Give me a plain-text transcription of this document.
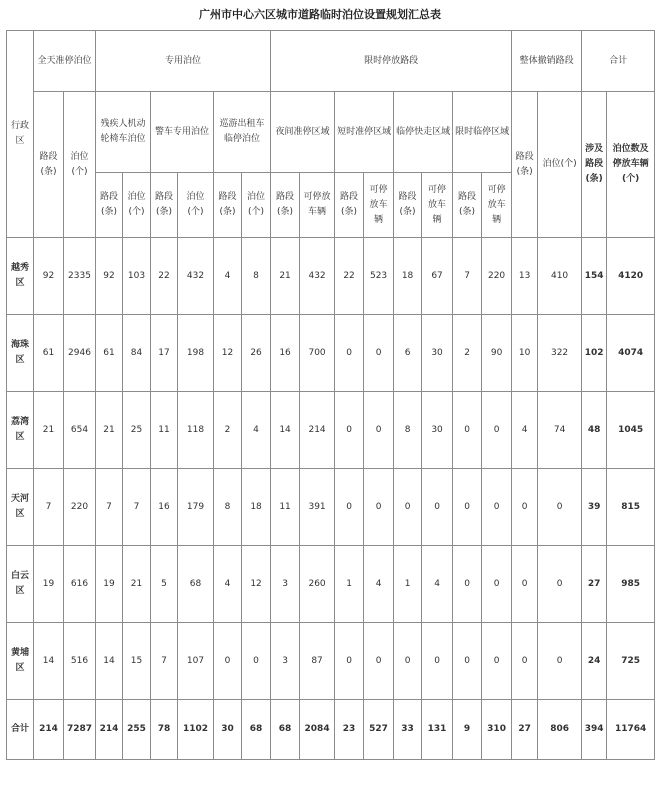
广州市中心六区城市道路临时泊位设置规划汇总表
行政区	全天准停泊位		专用泊位						限时停放路段								整体撤销路段		合计	
	路段(条)	泊位(个)	残疾人机动轮椅车泊位		警车专用泊位		巡游出租车临停泊位		夜间准停区域		短时准停区域		临停快走区域		限时临停区域		路段(条)	泊位(个)	涉及路段(条)	泊位数及停放车辆(个)
			路段(条)	泊位(个)	路段(条)	泊位(个)	路段(条)	泊位(个)	路段(条)	可停放车辆	路段(条)	可停放车辆	路段(条)	可停放车辆	路段(条)	可停放车辆				
越秀区	92	2335	92	103	22	432	4	8	21	432	22	523	18	67	7	220	13	410	154	4120
海珠区	61	2946	61	84	17	198	12	26	16	700	0	0	6	30	2	90	10	322	102	4074
荔湾区	21	654	21	25	11	118	2	4	14	214	0	0	8	30	0	0	4	74	48	1045
天河区	7	220	7	7	16	179	8	18	11	391	0	0	0	0	0	0	0	0	39	815
白云区	19	616	19	21	5	68	4	12	3	260	1	4	1	4	0	0	0	0	27	985
黄埔区	14	516	14	15	7	107	0	0	3	87	0	0	0	0	0	0	0	0	24	725
合计	214	7287	214	255	78	1102	30	68	68	2084	23	527	33	131	9	310	27	806	394	11764
